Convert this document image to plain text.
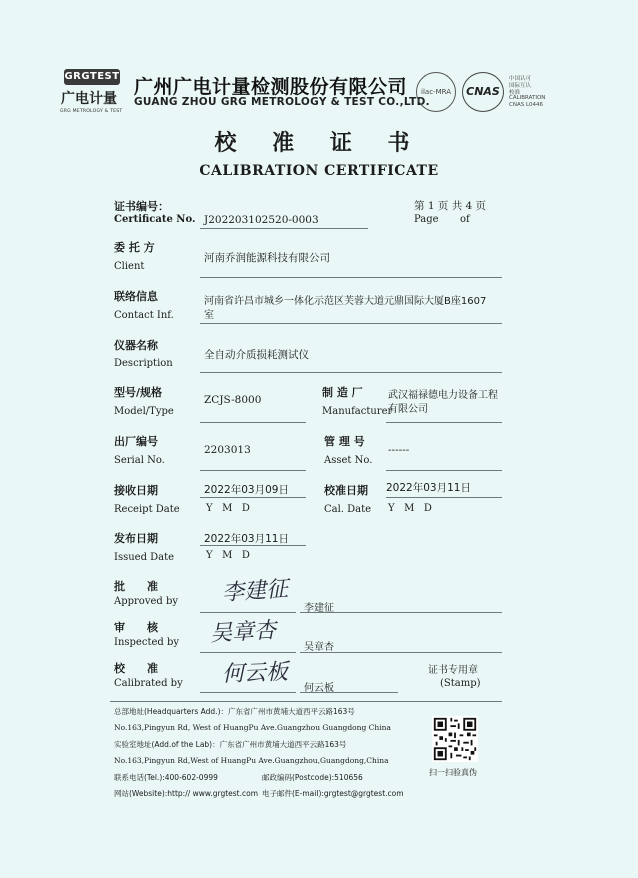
GRGTEST
广电计量
GRG METROLOGY & TEST
广州广电计量检测股份有限公司
GUANG ZHOU GRG METROLOGY & TEST CO.,LTD.
ilac-MRA	CNAS
中国认可
国际互认
校准
CALIBRATION
CNAS L0446
校 准 证 书
CALIBRATION CERTIFICATE
证书编号：
Certificate No. J202203102520-0003
第 1 页 共 4 页
Page of
委 托 方
Client
河南乔润能源科技有限公司
联络信息
Contact Inf.
河南省许昌市城乡一体化示范区芙蓉大道元鼎国际大厦B座1607
室
仪器名称
Description
全自动介质损耗测试仪
型号/规格
Model/Type
ZCJS-8000
制 造 厂
Manufacturer
武汉福禄德电力设备工程
有限公司
出厂编号
Serial No.
2203013
管 理 号
Asset No.
------
接收日期
Receipt Date
2022年03月09日
Y   M   D
校准日期
Cal. Date
2022年03月11日
Y   M   D
发布日期
Issued Date
2022年03月11日
Y   M   D
批　　准
Approved by 李建征
李建征
审　　核
Inspected by 吴章杏
吴章杏
校　　准
Calibrated by 何云板
何云板
证书专用章
(Stamp)
总部地址(Headquarters Add.)：广东省广州市黄埔大道西平云路163号
No.163,Pingyun Rd, West of HuangPu Ave.Guangzhou Guangdong China
实验室地址(Add.of the Lab)：广东省广州市黄埔大道西平云路163号
No.163,Pingyun Rd,West of HuangPu Ave.Guangzhou,Guangdong,China
联系电话(Tel.):400-602-0999	邮政编码(Postcode):510656
网站(Website):http:// www.grgtest.com 电子邮件(E-mail):grgtest@grgtest.com
扫一扫验真伪
